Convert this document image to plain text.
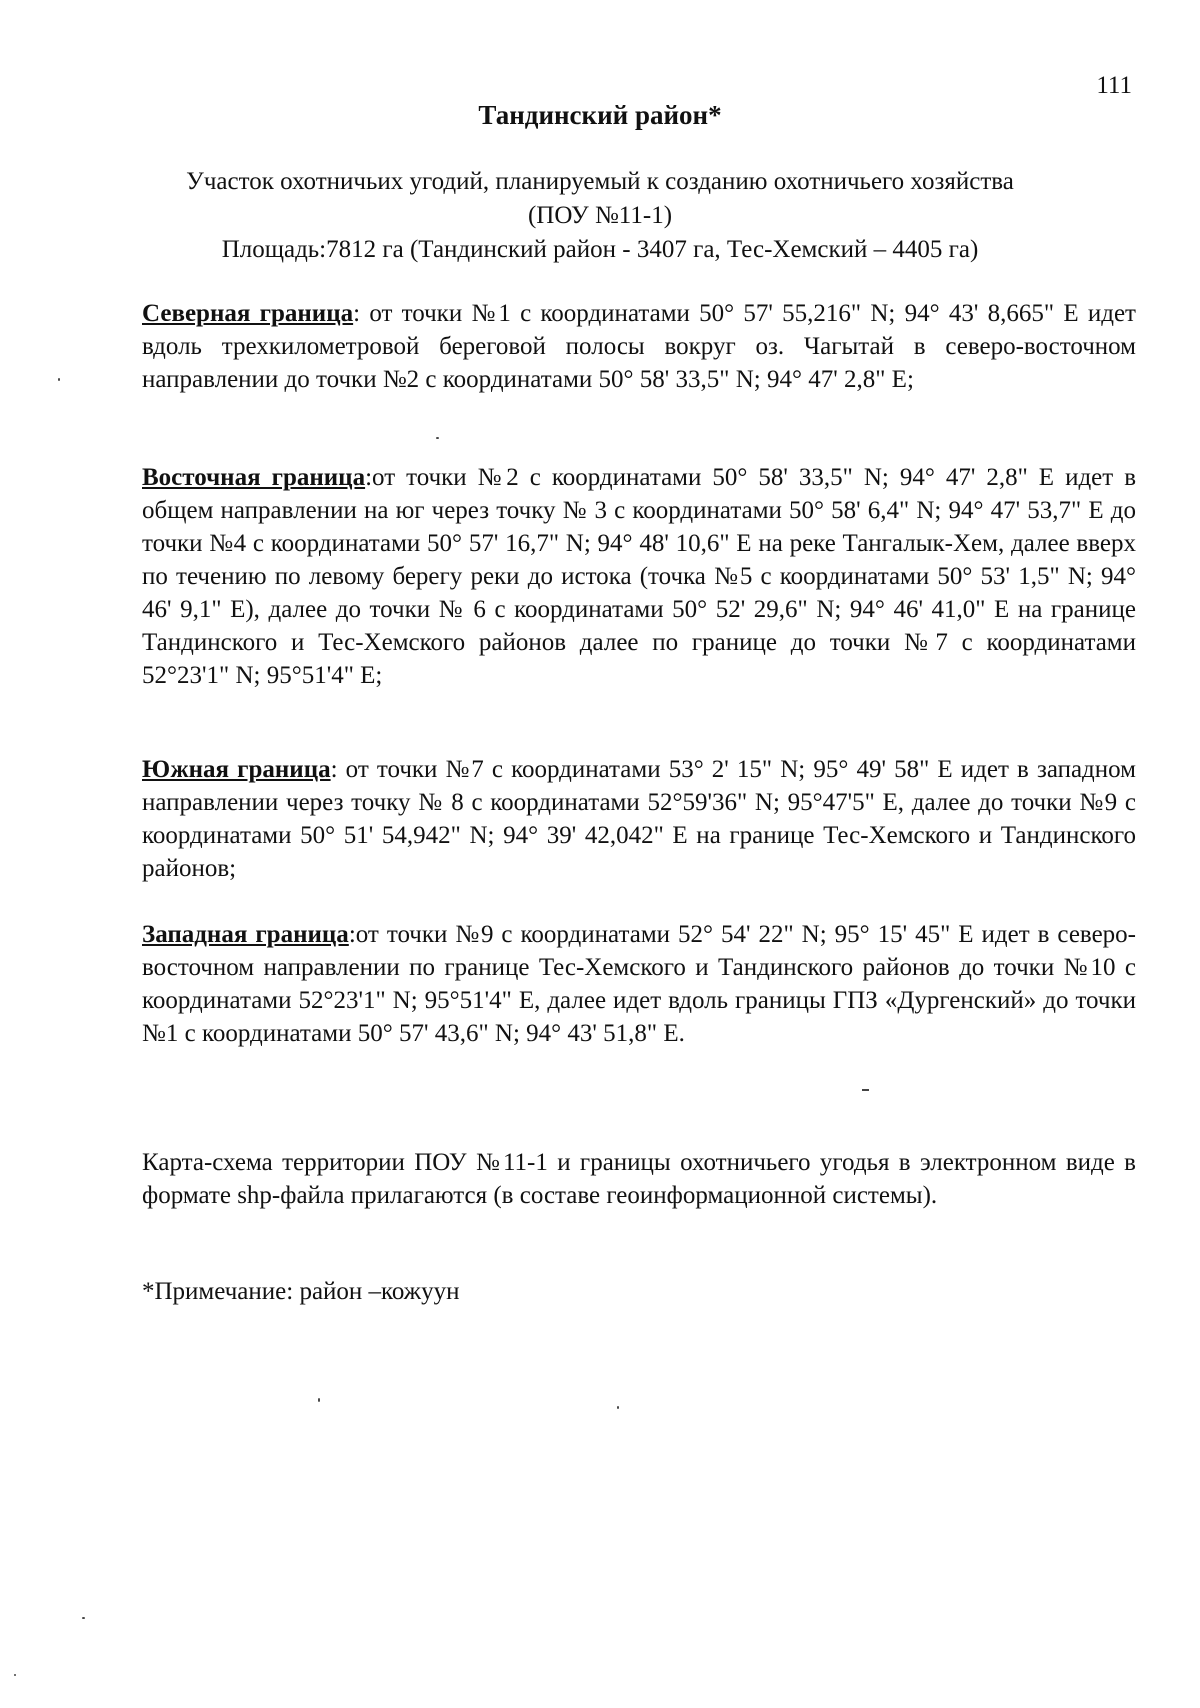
111
Тандинский район*
Участок охотничьих угодий, планируемый к созданию охотничьего хозяйства
(ПОУ №11-1)
Площадь:7812 га (Тандинский район - 3407 га, Тес-Хемский – 4405 га)
Северная граница: от точки №1 с координатами 50° 57' 55,216" N; 94° 43' 8,665" E идет вдоль трехкилометровой береговой полосы вокруг оз. Чагытай в северо-восточном направлении до точки №2 с координатами 50° 58' 33,5" N; 94° 47' 2,8" E;
Восточная граница:от точки №2 с координатами 50° 58' 33,5" N; 94° 47' 2,8" E идет в общем направлении на юг через точку № 3 с координатами 50° 58' 6,4" N; 94° 47' 53,7" E до точки №4 с координатами 50° 57' 16,7" N; 94° 48' 10,6" E на реке Тангалык-Хем, далее вверх по течению по левому берегу реки до истока (точка №5 с координатами 50° 53' 1,5" N; 94° 46' 9,1" E), далее до точки № 6 с координатами 50° 52' 29,6" N; 94° 46' 41,0" E на границе Тандинского и Тес-Хемского районов далее по границе до точки №7 с координатами 52°23'1" N; 95°51'4" E;
Южная граница: от точки №7 с координатами 53° 2' 15" N; 95° 49' 58" E идет в западном направлении через точку № 8 с координатами 52°59'36" N; 95°47'5" E, далее до точки №9 с координатами 50° 51' 54,942" N; 94° 39' 42,042" E на границе Тес-Хемского и Тандинского районов;
Западная граница:от точки №9 с координатами 52° 54' 22" N; 95° 15' 45" E идет в северо-восточном направлении по границе Тес-Хемского и Тандинского районов до точки №10 с координатами 52°23'1" N; 95°51'4" E, далее идет вдоль границы ГПЗ «Дургенский» до точки №1 с координатами 50° 57' 43,6" N; 94° 43' 51,8" E.
Карта-схема территории ПОУ №11-1 и границы охотничьего угодья в электронном виде в формате shp-файла прилагаются (в составе геоинформационной системы).
*Примечание: район –кожуун
